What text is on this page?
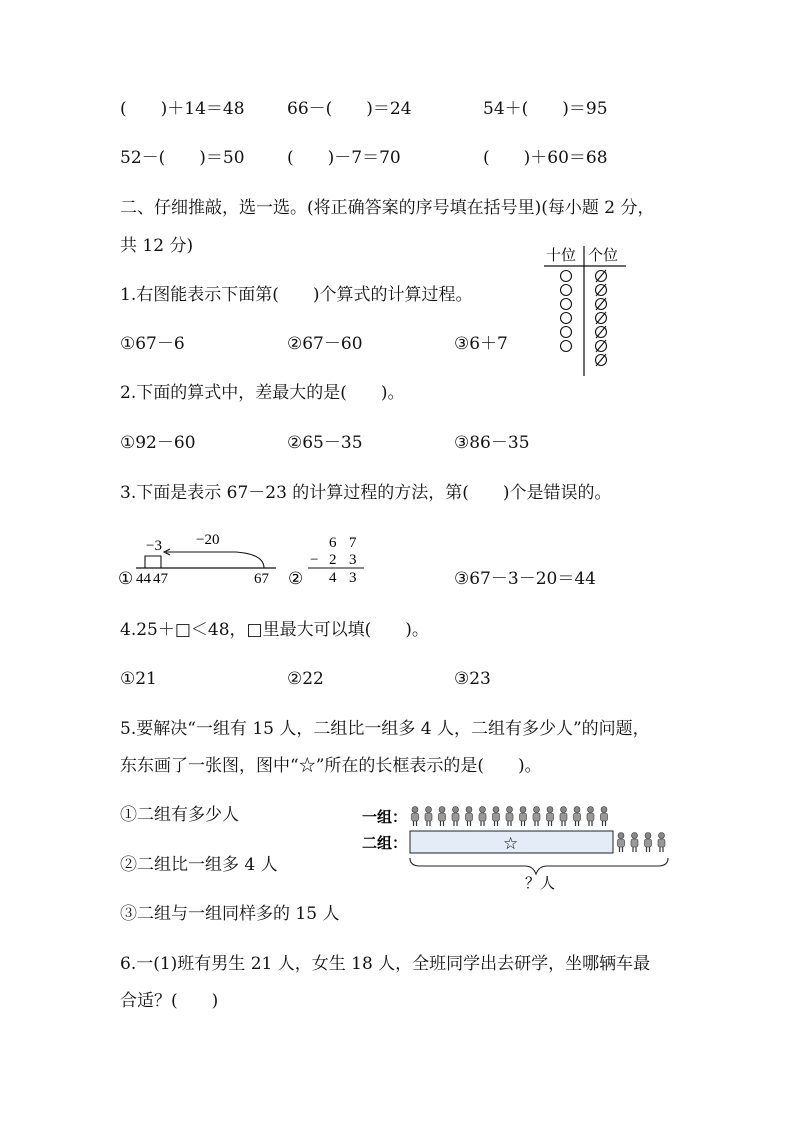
(　　)＋14＝48 66－(　　)＝24	54＋(　　)＝95
52－(　　)＝50 (　　)－7＝70	(　　)＋60＝68
二、仔细推敲，选一选。(将正确答案的序号填在括号里)(每小题 2 分，
共 12 分)
1.右图能表示下面第(　　)个算式的计算过程。
①67－6	②67－60	③6＋7
十位 个位
2.下面的算式中，差最大的是(　　)。
①92－60	②65－35	③86－35
3.下面是表示 67－23 的计算过程的方法，第(　　)个是错误的。
① 44 47	67
−3 −20
②
6 7
− 2 3
4 3	③67－3－20＝44
4.25＋□＜48，□里最大可以填(　　)。
①21	②22	③23
5.要解决“一组有 15 人，二组比一组多 4 人，二组有多少人”的问题，
东东画了一张图，图中“☆”所在的长框表示的是(　　)。
①二组有多少人
②二组比一组多 4 人
③二组与一组同样多的 15 人
一组：
二组：	☆
？人
6.一(1)班有男生 21 人，女生 18 人，全班同学出去研学，坐哪辆车最
合适？(　　)
